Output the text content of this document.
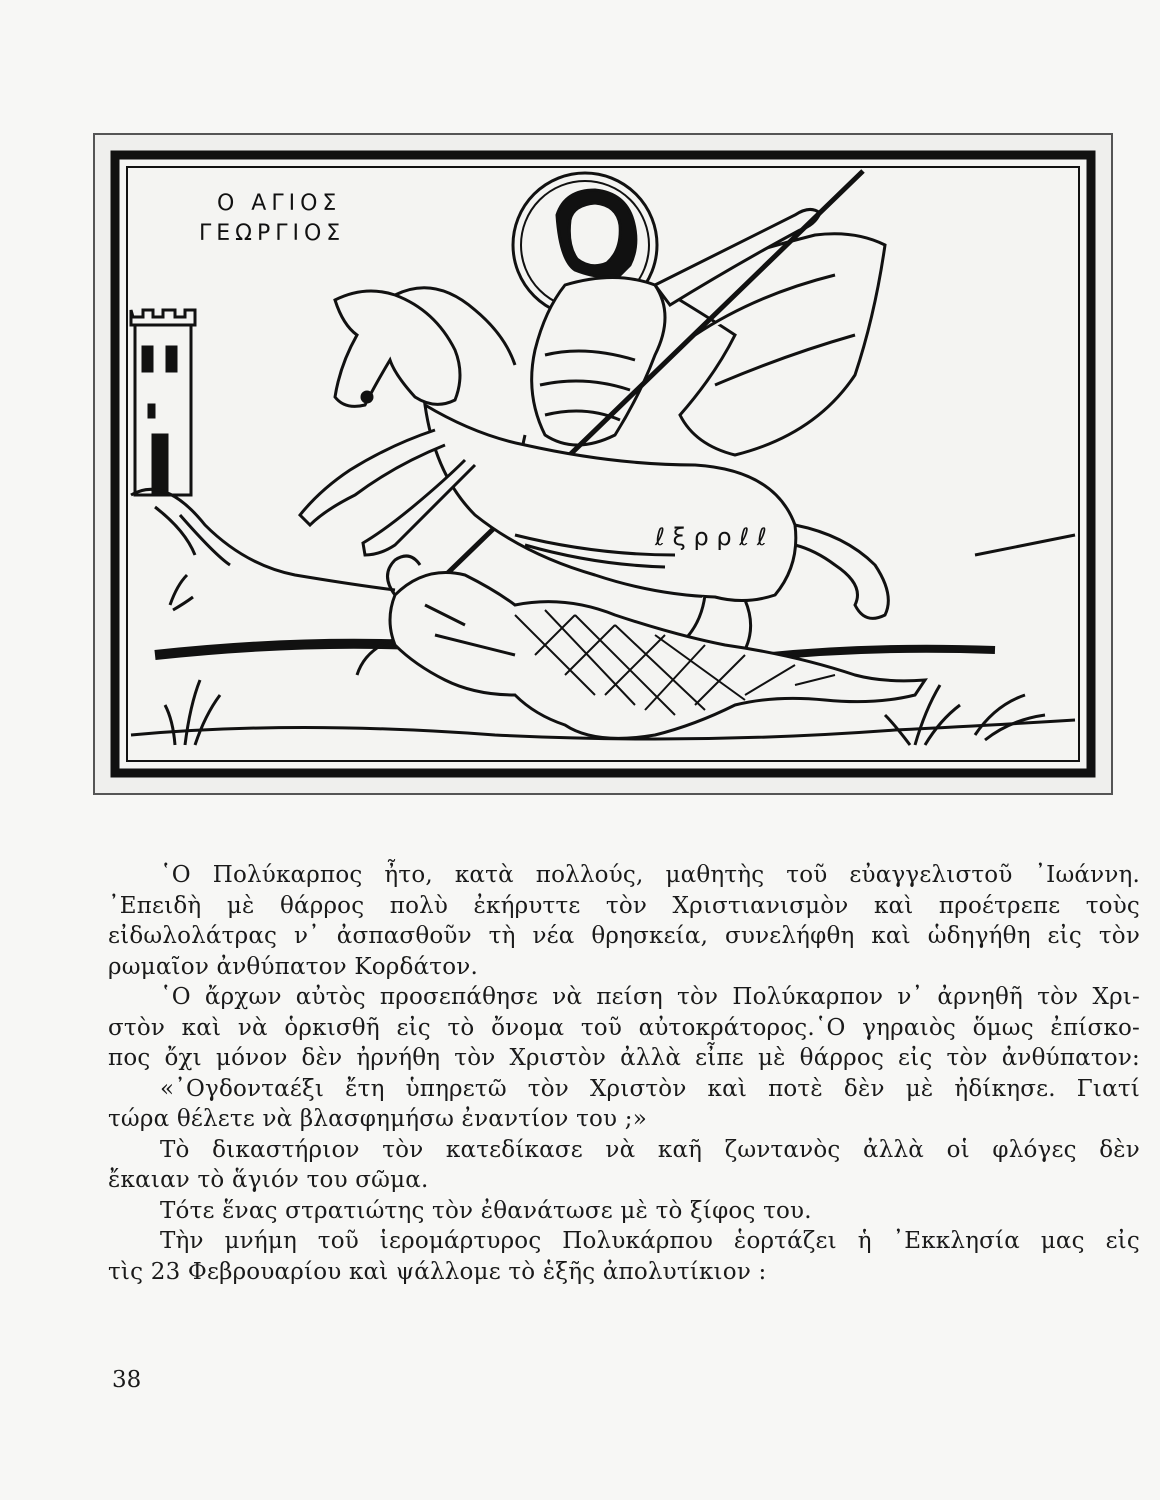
Ο ΑΓΙΟΣ
ΓΕΩΡΓΙΟΣ
ℓ ξ ρ ρ ℓ ℓ

῾Ο Πολύκαρπος ἦτο, κατὰ πολλούς, μαθητὴς τοῦ εὐαγγελιστοῦ ᾿Ιωάννη.
᾿Επειδὴ μὲ θάρρος πολὺ ἐκήρυττε τὸν Χριστιανισμὸν καὶ προέτρεπε τοὺς
εἰδωλολάτρας ν᾿ ἀσπασθοῦν τὴ νέα θρησκεία, συνελήφθη καὶ ὡδηγήθη εἰς τὸν
ρωμαῖον ἀνθύπατον Κορδάτον.

῾Ο ἄρχων αὐτὸς προσεπάθησε νὰ πείση τὸν Πολύκαρπον ν᾿ ἀρνηθῆ τὸν Χρι-
στὸν καὶ νὰ ὁρκισθῆ εἰς τὸ ὄνομα τοῦ αὐτοκράτορος.῾Ο γηραιὸς ὅμως ἐπίσκο-
πος ὄχι μόνον δὲν ἠρνήθη τὸν Χριστὸν ἀλλὰ εἶπε μὲ θάρρος εἰς τὸν ἀνθύπατον:

«᾿Ογδονταέξι ἔτη ὑπηρετῶ τὸν Χριστὸν καὶ ποτὲ δὲν μὲ ἠδίκησε. Γιατί
τώρα θέλετε νὰ βλασφημήσω ἐναντίον του ;»

Τὸ δικαστήριον τὸν κατεδίκασε νὰ καῆ ζωντανὸς ἀλλὰ οἱ φλόγες δὲν
ἔκαιαν τὸ ἅγιόν του σῶμα.

Τότε ἕνας στρατιώτης τὸν ἐθανάτωσε μὲ τὸ ξίφος του.

Τὴν μνήμη τοῦ ἱερομάρτυρος Πολυκάρπου ἑορτάζει ἡ ᾿Εκκλησία μας εἰς
τὶς 23 Φεβρουαρίου καὶ ψάλλομε τὸ ἑξῆς ἀπολυτίκιον :

38
